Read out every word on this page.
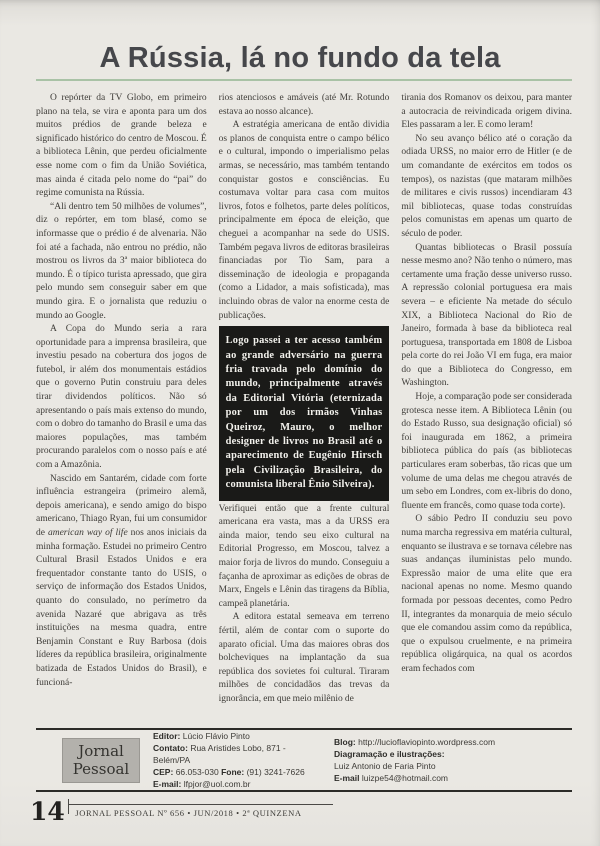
A Rússia, lá no fundo da tela

O repórter da TV Globo, em primeiro plano na tela, se vira e aponta para um dos muitos prédios de grande beleza e significado histórico do centro de Moscou. É a biblioteca Lênin, que perdeu oficialmente esse nome com o fim da União Soviética, mas ainda é citada pelo nome do “pai” do regime comunista na Rússia.

“Ali dentro tem 50 milhões de volumes”, diz o repórter, em tom blasé, como se informasse que o prédio é de alvenaria. Não foi até a fachada, não entrou no prédio, não mostrou os livros da 3ª maior biblioteca do mundo. É o típico turista apressado, que gira pelo mundo sem conseguir saber em que mundo gira. E o jornalista que reduziu o mundo ao Google.

A Copa do Mundo seria a rara oportunidade para a imprensa brasileira, que investiu pesado na cobertura dos jogos de futebol, ir além dos monumentais estádios que o governo Putin construiu para deles tirar dividendos políticos. Não só apresentando o país mais extenso do mundo, com o dobro do tamanho do Brasil e uma das maiores populações, mas também procurando paralelos com o nosso país e até com a Amazônia.

Nascido em Santarém, cidade com forte influência estrangeira (primeiro alemã, depois americana), e sendo amigo do bispo americano, Thiago Ryan, fui um consumidor de american way of life nos anos iniciais da minha formação. Estudei no primeiro Centro Cultural Brasil Estados Unidos e era frequentador constante tanto do USIS, o serviço de informação dos Estados Unidos, quanto do consulado, no perímetro da avenida Nazaré que abrigava as três instituições na mesma quadra, entre Benjamin Constant e Ruy Barbosa (dois líderes da república brasileira, originalmente batizada de Estados Unidos do Brasil), e funcioná-

rios atenciosos e amáveis (até Mr. Rotundo estava ao nosso alcance).

A estratégia americana de então dividia os planos de conquista entre o campo bélico e o cultural, impondo o imperialismo pelas armas, se necessário, mas também tentando conquistar gostos e consciências. Eu costumava voltar para casa com muitos livros, fotos e folhetos, parte deles políticos, principalmente em época de eleição, que cheguei a acompanhar na sede do USIS. Também pegava livros de editoras brasileiras financiadas por Tio Sam, para a disseminação de ideologia e propaganda (como a Lidador, a mais sofisticada), mas incluindo obras de valor na enorme cesta de publicações.

Logo passei a ter acesso também ao grande adversário na guerra fria travada pelo domínio do mundo, principalmente através da Editorial Vitória (eternizada por um dos irmãos Vinhas Queiroz, Mauro, o melhor designer de livros no Brasil até o aparecimento de Eugênio Hirsch pela Civilização Brasileira, do comunista liberal Ênio Silveira).

Verifiquei então que a frente cultural americana era vasta, mas a da URSS era ainda maior, tendo seu eixo cultural na Editorial Progresso, em Moscou, talvez a maior forja de livros do mundo. Conseguiu a façanha de aproximar as edições de obras de Marx, Engels e Lênin das tiragens da Bíblia, campeã planetária.

A editora estatal semeava em terreno fértil, além de contar com o suporte do aparato oficial. Uma das maiores obras dos bolcheviques na implantação da sua república dos sovietes foi cultural. Tiraram milhões de concidadãos das trevas da ignorância, em que meio milênio de

tirania dos Romanov os deixou, para manter a autocracia de reivindicada origem divina. Eles passaram a ler. E como leram!

No seu avanço bélico até o coração da odiada URSS, no maior erro de Hitler (e de um comandante de exércitos em todos os tempos), os nazistas (que mataram milhões de militares e civis russos) incendiaram 43 mil bibliotecas, quase todas construídas pelos comunistas em apenas um quarto de século de poder.

Quantas bibliotecas o Brasil possuía nesse mesmo ano? Não tenho o número, mas certamente uma fração desse universo russo. A repressão colonial portuguesa era mais severa – e eficiente Na metade do século XIX, a Biblioteca Nacional do Rio de Janeiro, formada à base da biblioteca real portuguesa, transportada em 1808 de Lisboa pela corte do rei João VI em fuga, era maior do que a Biblioteca do Congresso, em Washington.

Hoje, a comparação pode ser considerada grotesca nesse item. A Biblioteca Lênin (ou do Estado Russo, sua designação oficial) só foi inaugurada em 1862, a primeira biblioteca pública do país (as bibliotecas particulares eram soberbas, tão ricas que um volume de uma delas me chegou através de um sebo em Londres, com ex-libris do dono, fluente em francês, como quase toda corte).

O sábio Pedro II conduziu seu povo numa marcha regressiva em matéria cultural, enquanto se ilustrava e se tornava célebre nas suas andanças iluministas pelo mundo. Expressão maior de uma elite que era nacional apenas no nome. Mesmo quando formada por pessoas decentes, como Pedro II, integrantes da monarquia de meio século que ele comandou assim como da república, que o expulsou cruelmente, e na primeira república oligárquica, na qual os acordos eram fechados com

Jornal
Pessoal
Editor: Lúcio Flávio Pinto
Contato: Rua Aristides Lobo, 871 - Belém/PA
CEP: 66.053-030 Fone: (91) 3241-7626
E-mail: lfpjor@uol.com.br
Blog: http://lucioflaviopinto.wordpress.com
Diagramação e ilustrações:
Luiz Antonio de Faria Pinto
E-mail luizpe54@hotmail.com
14	JORNAL PESSOAL Nº 656 • JUN/2018 • 2ª QUINZENA
